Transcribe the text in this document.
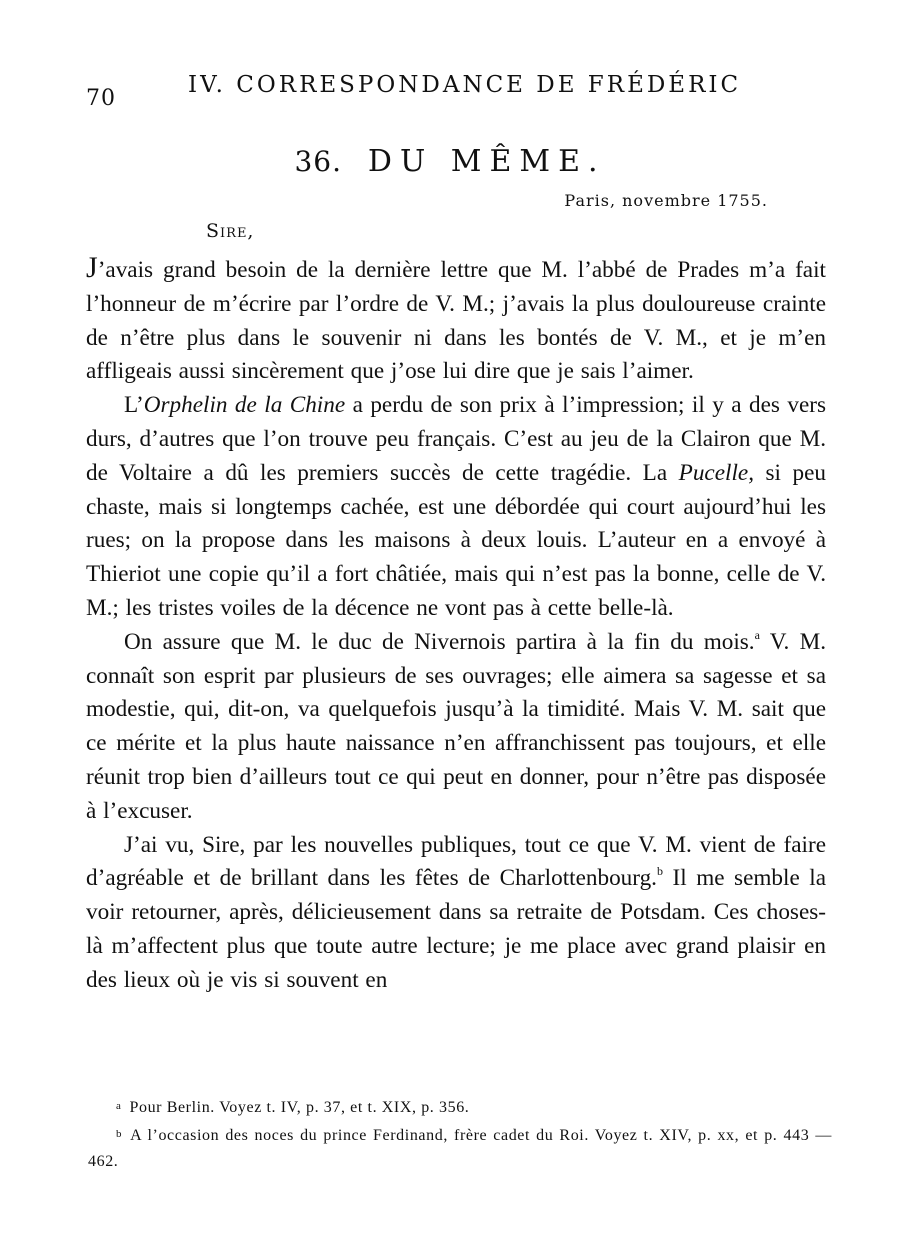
70
IV. CORRESPONDANCE DE FRÉDÉRIC
36. DU MÊME.
Paris, novembre 1755.
Sire,

J’avais grand besoin de la dernière lettre que M. l’abbé de Prades m’a fait l’honneur de m’écrire par l’ordre de V. M.; j’avais la plus douloureuse crainte de n’être plus dans le souvenir ni dans les bontés de V. M., et je m’en affligeais aussi sincèrement que j’ose lui dire que je sais l’aimer.

L’Orphelin de la Chine a perdu de son prix à l’impression; il y a des vers durs, d’autres que l’on trouve peu français. C’est au jeu de la Clairon que M. de Voltaire a dû les premiers succès de cette tragédie. La Pucelle, si peu chaste, mais si longtemps cachée, est une débordée qui court aujourd’hui les rues; on la propose dans les maisons à deux louis. L’auteur en a envoyé à Thieriot une copie qu’il a fort châtiée, mais qui n’est pas la bonne, celle de V. M.; les tristes voiles de la décence ne vont pas à cette belle-là.

On assure que M. le duc de Nivernois partira à la fin du mois.$^a$ V. M. connaît son esprit par plusieurs de ses ouvrages; elle aimera sa sagesse et sa modestie, qui, dit-on, va quelquefois jusqu’à la timidité. Mais V. M. sait que ce mérite et la plus haute naissance n’en affranchissent pas toujours, et elle réunit trop bien d’ailleurs tout ce qui peut en donner, pour n’être pas disposée à l’excuser.

J’ai vu, Sire, par les nouvelles publiques, tout ce que V. M. vient de faire d’agréable et de brillant dans les fêtes de Charlottenbourg.$^b$ Il me semble la voir retourner, après, délicieusement dans sa retraite de Potsdam. Ces choses-là m’affectent plus que toute autre lecture; je me place avec grand plaisir en des lieux où je vis si souvent en

a Pour Berlin. Voyez t. IV, p. 37, et t. XIX, p. 356.

b A l’occasion des noces du prince Ferdinand, frère cadet du Roi. Voyez t. XIV, p. xx, et p. 443 — 462.
